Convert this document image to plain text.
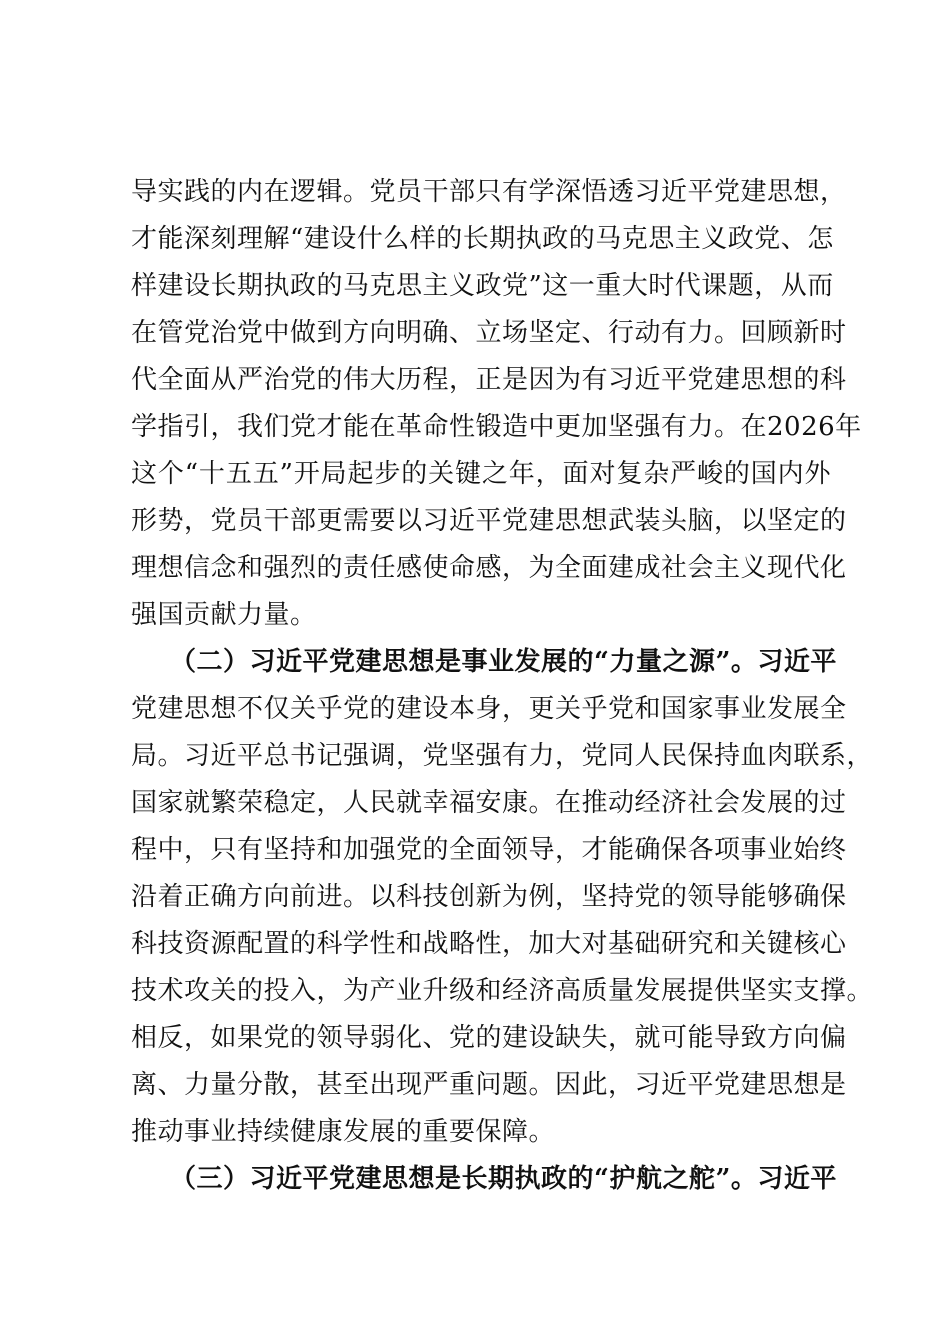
导实践的内在逻辑。党员干部只有学深悟透习近平党建思想，
才能深刻理解“建设什么样的长期执政的马克思主义政党、怎
样建设长期执政的马克思主义政党”这一重大时代课题，从而
在管党治党中做到方向明确、立场坚定、行动有力。回顾新时
代全面从严治党的伟大历程，正是因为有习近平党建思想的科
学指引，我们党才能在革命性锻造中更加坚强有力。在2026年
这个“十五五”开局起步的关键之年，面对复杂严峻的国内外
形势，党员干部更需要以习近平党建思想武装头脑，以坚定的
理想信念和强烈的责任感使命感，为全面建成社会主义现代化
强国贡献力量。
（二）习近平党建思想是事业发展的“力量之源”。习近平
党建思想不仅关乎党的建设本身，更关乎党和国家事业发展全
局。习近平总书记强调，党坚强有力，党同人民保持血肉联系，
国家就繁荣稳定，人民就幸福安康。在推动经济社会发展的过
程中，只有坚持和加强党的全面领导，才能确保各项事业始终
沿着正确方向前进。以科技创新为例，坚持党的领导能够确保
科技资源配置的科学性和战略性，加大对基础研究和关键核心
技术攻关的投入，为产业升级和经济高质量发展提供坚实支撑。
相反，如果党的领导弱化、党的建设缺失，就可能导致方向偏
离、力量分散，甚至出现严重问题。因此，习近平党建思想是
推动事业持续健康发展的重要保障。
（三）习近平党建思想是长期执政的“护航之舵”。习近平
